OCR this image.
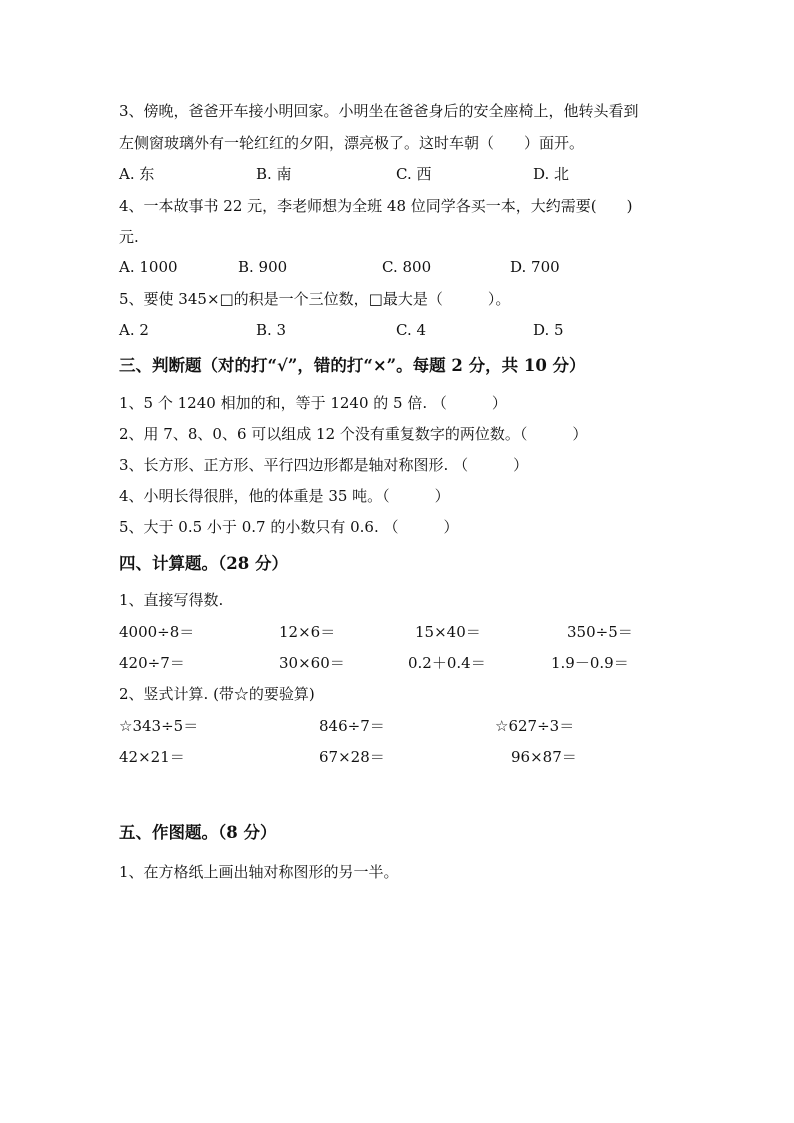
3、傍晚，爸爸开车接小明回家。小明坐在爸爸身后的安全座椅上，他转头看到
左侧窗玻璃外有一轮红红的夕阳，漂亮极了。这时车朝（　　）面开。

A. 东

	B. 南

	C. 西

	D. 北

4、一本故事书 22 元，李老师想为全班 48 位同学各买一本，大约需要(　　)
元.

A. 1000

	B. 900

	C. 800

	D. 700

5、要使 345×□的积是一个三位数，□最大是（　　　）。

A. 2

	B. 3

	C. 4

	D. 5

三、判断题（对的打“√”，错的打“×”。每题 2 分，共 10 分）
1、5 个 1240 相加的和，等于 1240 的 5 倍. （　　　）
2、用 7、8、0、6 可以组成 12 个没有重复数字的两位数。（　　　）
3、长方形、正方形、平行四边形都是轴对称图形. （　　　）
4、小明长得很胖，他的体重是 35 吨。（　　　）
5、大于 0.5 小于 0.7 的小数只有 0.6. （　　　）
四、计算题。（28 分）
1、直接写得数.

4000÷8＝

	12×6＝

	15×40＝

	350÷5＝

420÷7＝

	30×60＝

	0.2＋0.4＝

	1.9－0.9＝

2、竖式计算. (带☆的要验算)

☆343÷5＝

	846÷7＝

	☆627÷3＝

42×21＝

	67×28＝

	96×87＝

五、作图题。（8 分）
1、在方格纸上画出轴对称图形的另一半。
